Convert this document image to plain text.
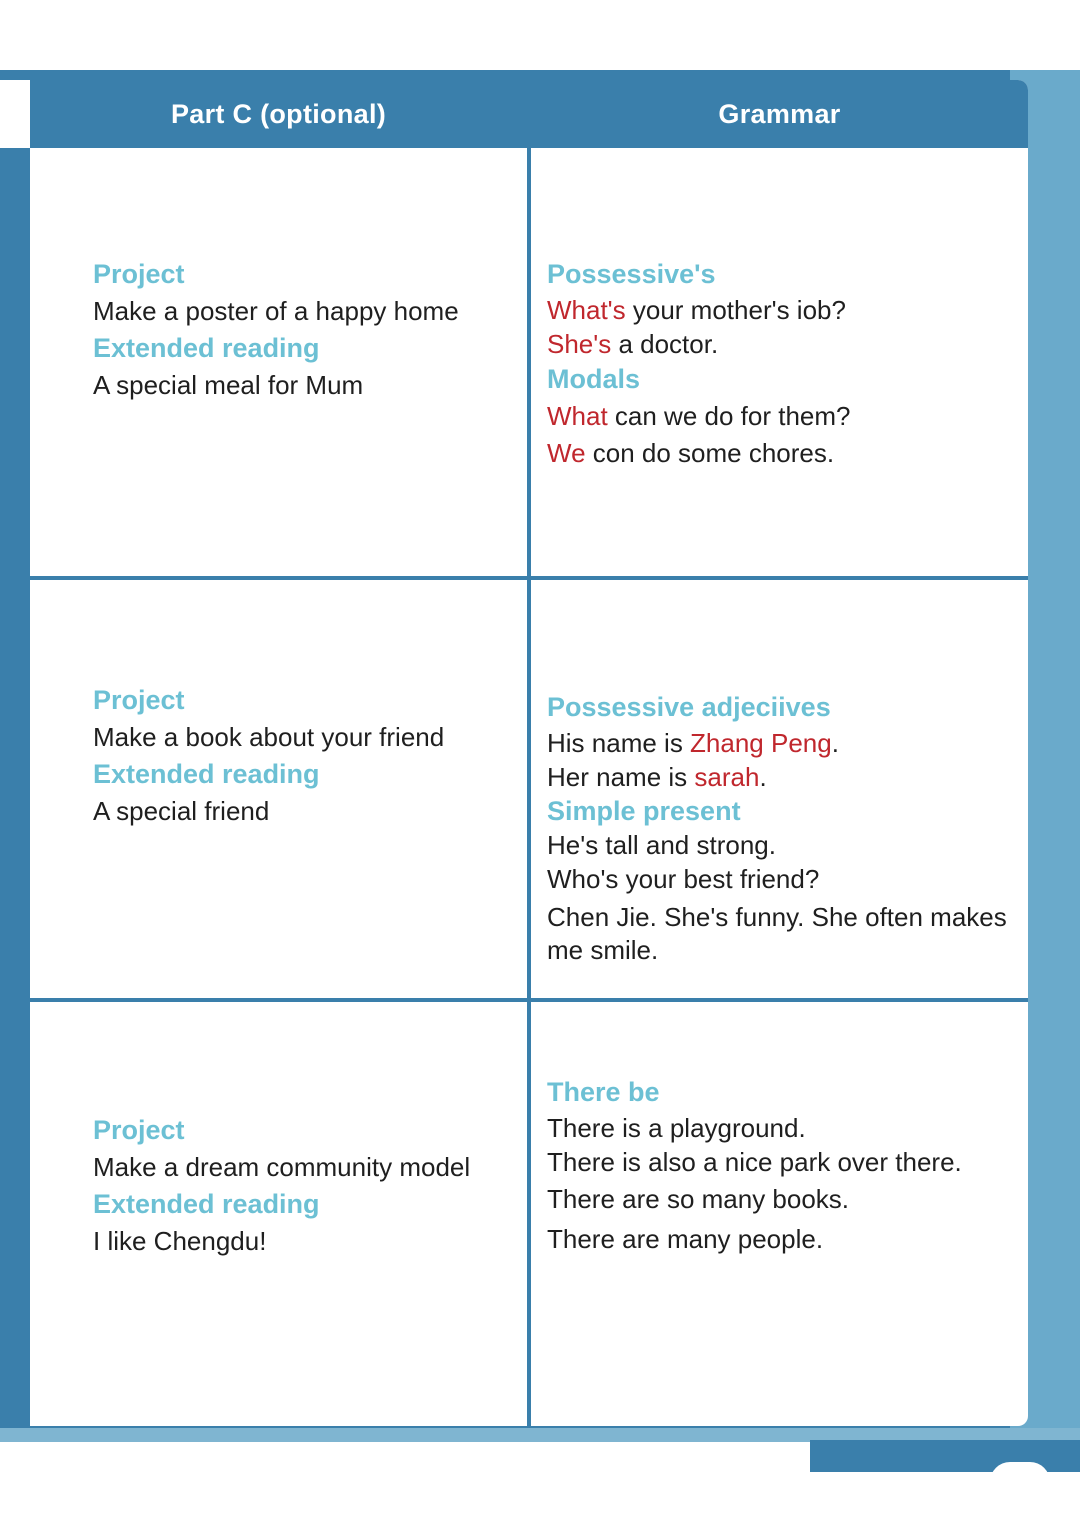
Part C (optional)	Grammar
Project
Make a poster of a happy home
Extended reading
A special meal for Mum
Possessive's
What's your mother's iob?
She's a doctor.
Modals
What can we do for them?
We con do some chores.
Project
Make a book about your friend
Extended reading
A special friend
Possessive adjeciives
His name is Zhang Peng.
Her name is sarah.
Simple present
He's tall and strong.
Who's your best friend?
Chen Jie. She's funny. She often makes me smile.
Project
Make a dream community model
Extended reading
I like Chengdu!
There be
There is a playground.
There is also a nice park over there.
There are so many books.
There are many people.
